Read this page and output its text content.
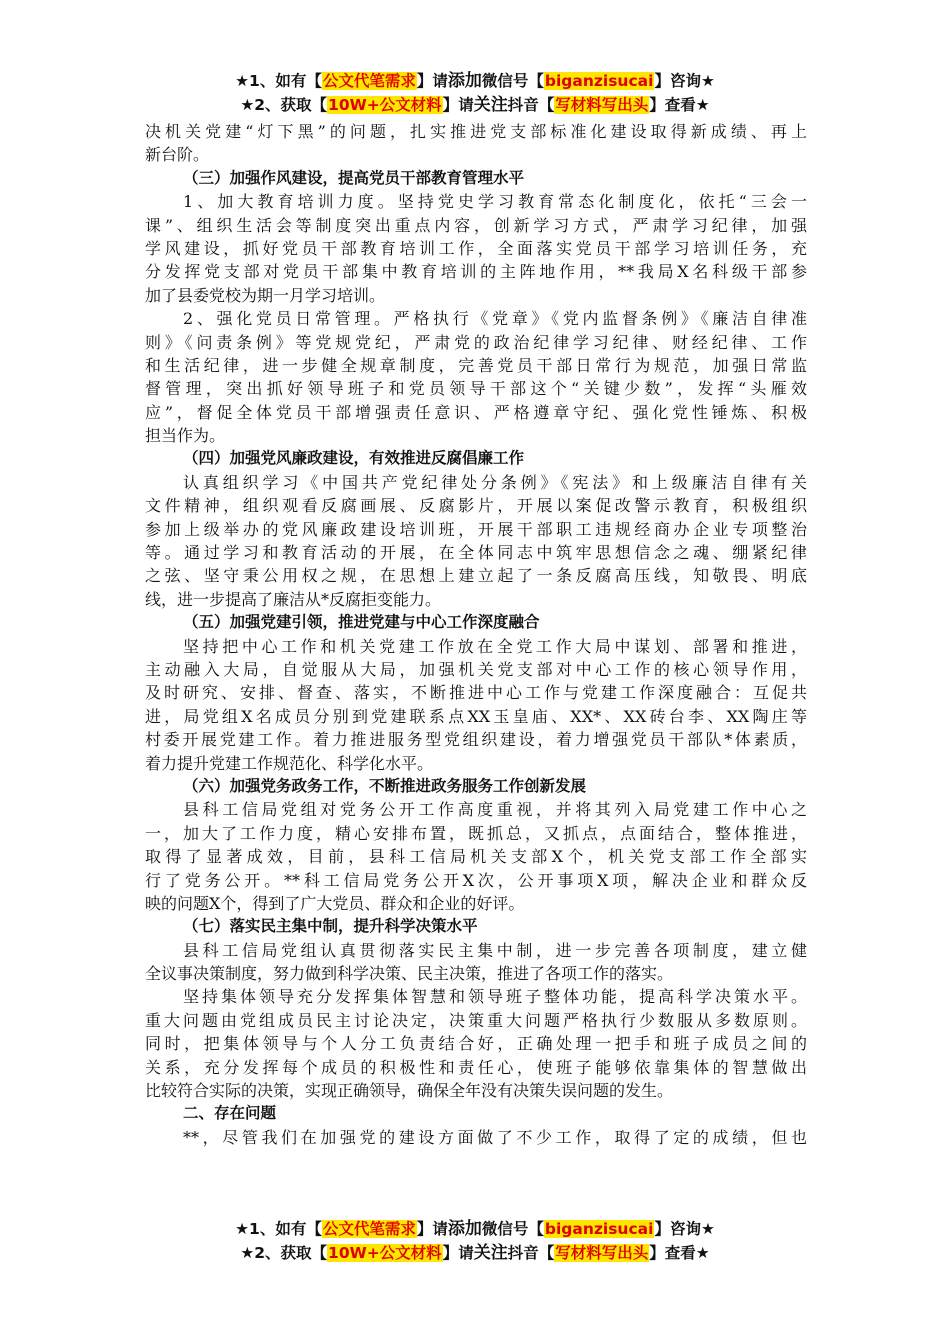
★1、如有【公文代笔需求】请添加微信号【biganzisucai】咨询★
★2、获取【10W+公文材料】请关注抖音【写材料写出头】查看★
决机关党建“灯下黑”的问题，扎实推进党支部标准化建设取得新成绩、再上
新台阶。
（三）加强作风建设，提高党员干部教育管理水平
1、加大教育培训力度。坚持党史学习教育常态化制度化，依托“三会一
课”、组织生活会等制度突出重点内容，创新学习方式，严肃学习纪律，加强
学风建设，抓好党员干部教育培训工作，全面落实党员干部学习培训任务，充
分发挥党支部对党员干部集中教育培训的主阵地作用，**我局X名科级干部参
加了县委党校为期一月学习培训。
2、强化党员日常管理。严格执行《党章》《党内监督条例》《廉洁自律准
则》《问责条例》等党规党纪，严肃党的政治纪律学习纪律、财经纪律、工作
和生活纪律，进一步健全规章制度，完善党员干部日常行为规范，加强日常监
督管理，突出抓好领导班子和党员领导干部这个“关键少数”，发挥“头雁效
应”，督促全体党员干部增强责任意识、严格遵章守纪、强化党性锤炼、积极
担当作为。
（四）加强党风廉政建设，有效推进反腐倡廉工作
认真组织学习《中国共产党纪律处分条例》《宪法》和上级廉洁自律有关
文件精神，组织观看反腐画展、反腐影片，开展以案促改警示教育，积极组织
参加上级举办的党风廉政建设培训班，开展干部职工违规经商办企业专项整治
等。通过学习和教育活动的开展，在全体同志中筑牢思想信念之魂、绷紧纪律
之弦、坚守秉公用权之规，在思想上建立起了一条反腐高压线，知敬畏、明底
线，进一步提高了廉洁从*反腐拒变能力。
（五）加强党建引领，推进党建与中心工作深度融合
坚持把中心工作和机关党建工作放在全党工作大局中谋划、部署和推进，
主动融入大局，自觉服从大局，加强机关党支部对中心工作的核心领导作用，
及时研究、安排、督查、落实，不断推进中心工作与党建工作深度融合：互促共
进，局党组X名成员分别到党建联系点XX玉皇庙、XX*、XX砖台李、XX陶庄等
村委开展党建工作。着力推进服务型党组织建设，着力增强党员干部队*体素质，
着力提升党建工作规范化、科学化水平。
（六）加强党务政务工作，不断推进政务服务工作创新发展
县科工信局党组对党务公开工作高度重视，并将其列入局党建工作中心之
一，加大了工作力度，精心安排布置，既抓总，又抓点，点面结合，整体推进，
取得了显著成效，目前，县科工信局机关支部X个，机关党支部工作全部实
行了党务公开。**科工信局党务公开X次，公开事项X项，解决企业和群众反
映的问题X个，得到了广大党员、群众和企业的好评。
（七）落实民主集中制，提升科学决策水平
县科工信局党组认真贯彻落实民主集中制，进一步完善各项制度，建立健
全议事决策制度，努力做到科学决策、民主决策，推进了各项工作的落实。
坚持集体领导充分发挥集体智慧和领导班子整体功能，提高科学决策水平。
重大问题由党组成员民主讨论决定，决策重大问题严格执行少数服从多数原则。
同时，把集体领导与个人分工负责结合好，正确处理一把手和班子成员之间的
关系，充分发挥每个成员的积极性和责任心，使班子能够依靠集体的智慧做出
比较符合实际的决策，实现正确领导，确保全年没有决策失误问题的发生。
二、存在问题
**，尽管我们在加强党的建设方面做了不少工作，取得了定的成绩，但也
★1、如有【公文代笔需求】请添加微信号【biganzisucai】咨询★
★2、获取【10W+公文材料】请关注抖音【写材料写出头】查看★
